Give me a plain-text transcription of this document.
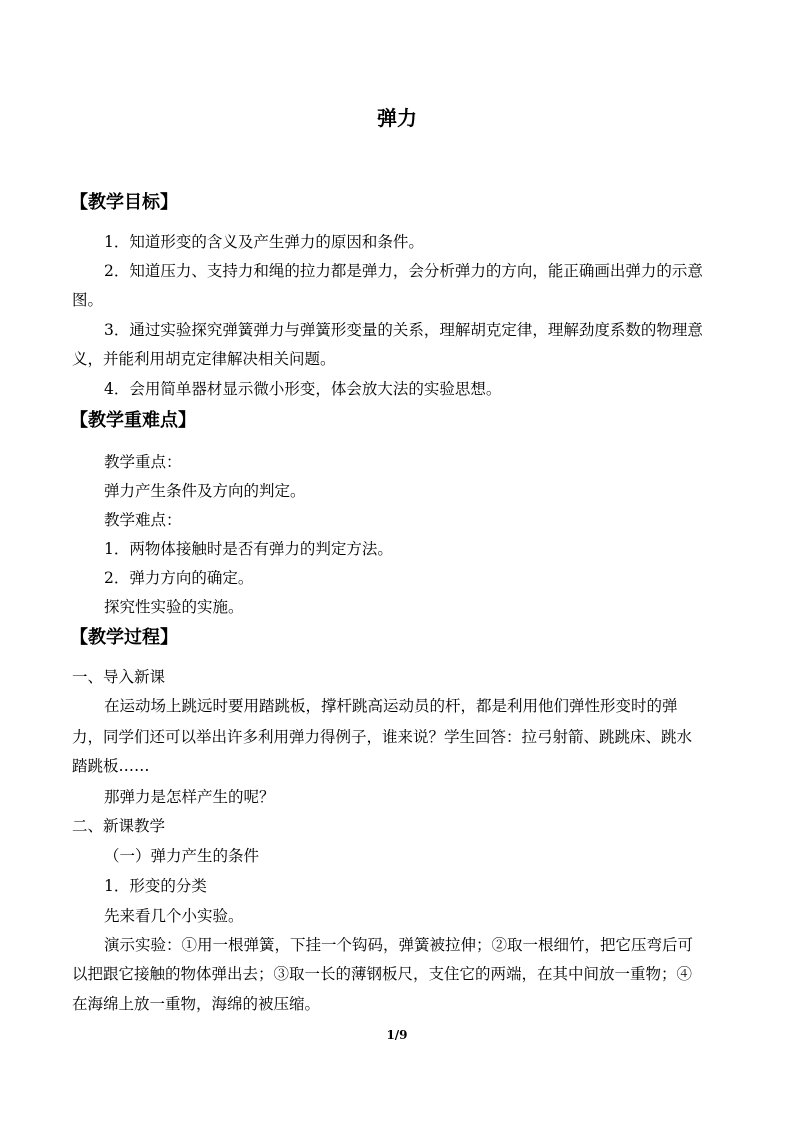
弹力
【教学目标】
1．知道形变的含义及产生弹力的原因和条件。
2．知道压力、支持力和绳的拉力都是弹力，会分析弹力的方向，能正确画出弹力的示意
图。
3．通过实验探究弹簧弹力与弹簧形变量的关系，理解胡克定律，理解劲度系数的物理意
义，并能利用胡克定律解决相关问题。
4．会用简单器材显示微小形变，体会放大法的实验思想。
【教学重难点】
教学重点：
弹力产生条件及方向的判定。
教学难点：
1．两物体接触时是否有弹力的判定方法。
2．弹力方向的确定。
探究性实验的实施。
【教学过程】
一、导入新课
在运动场上跳远时要用踏跳板，撑杆跳高运动员的杆，都是利用他们弹性形变时的弹
力，同学们还可以举出许多利用弹力得例子，谁来说？学生回答：拉弓射箭、跳跳床、跳水
踏跳板……
那弹力是怎样产生的呢？
二、新课教学
（一）弹力产生的条件
1．形变的分类
先来看几个小实验。
演示实验：①用一根弹簧，下挂一个钩码，弹簧被拉伸；②取一根细竹，把它压弯后可
以把跟它接触的物体弹出去；③取一长的薄钢板尺，支住它的两端，在其中间放一重物；④
在海绵上放一重物，海绵的被压缩。
1/9
